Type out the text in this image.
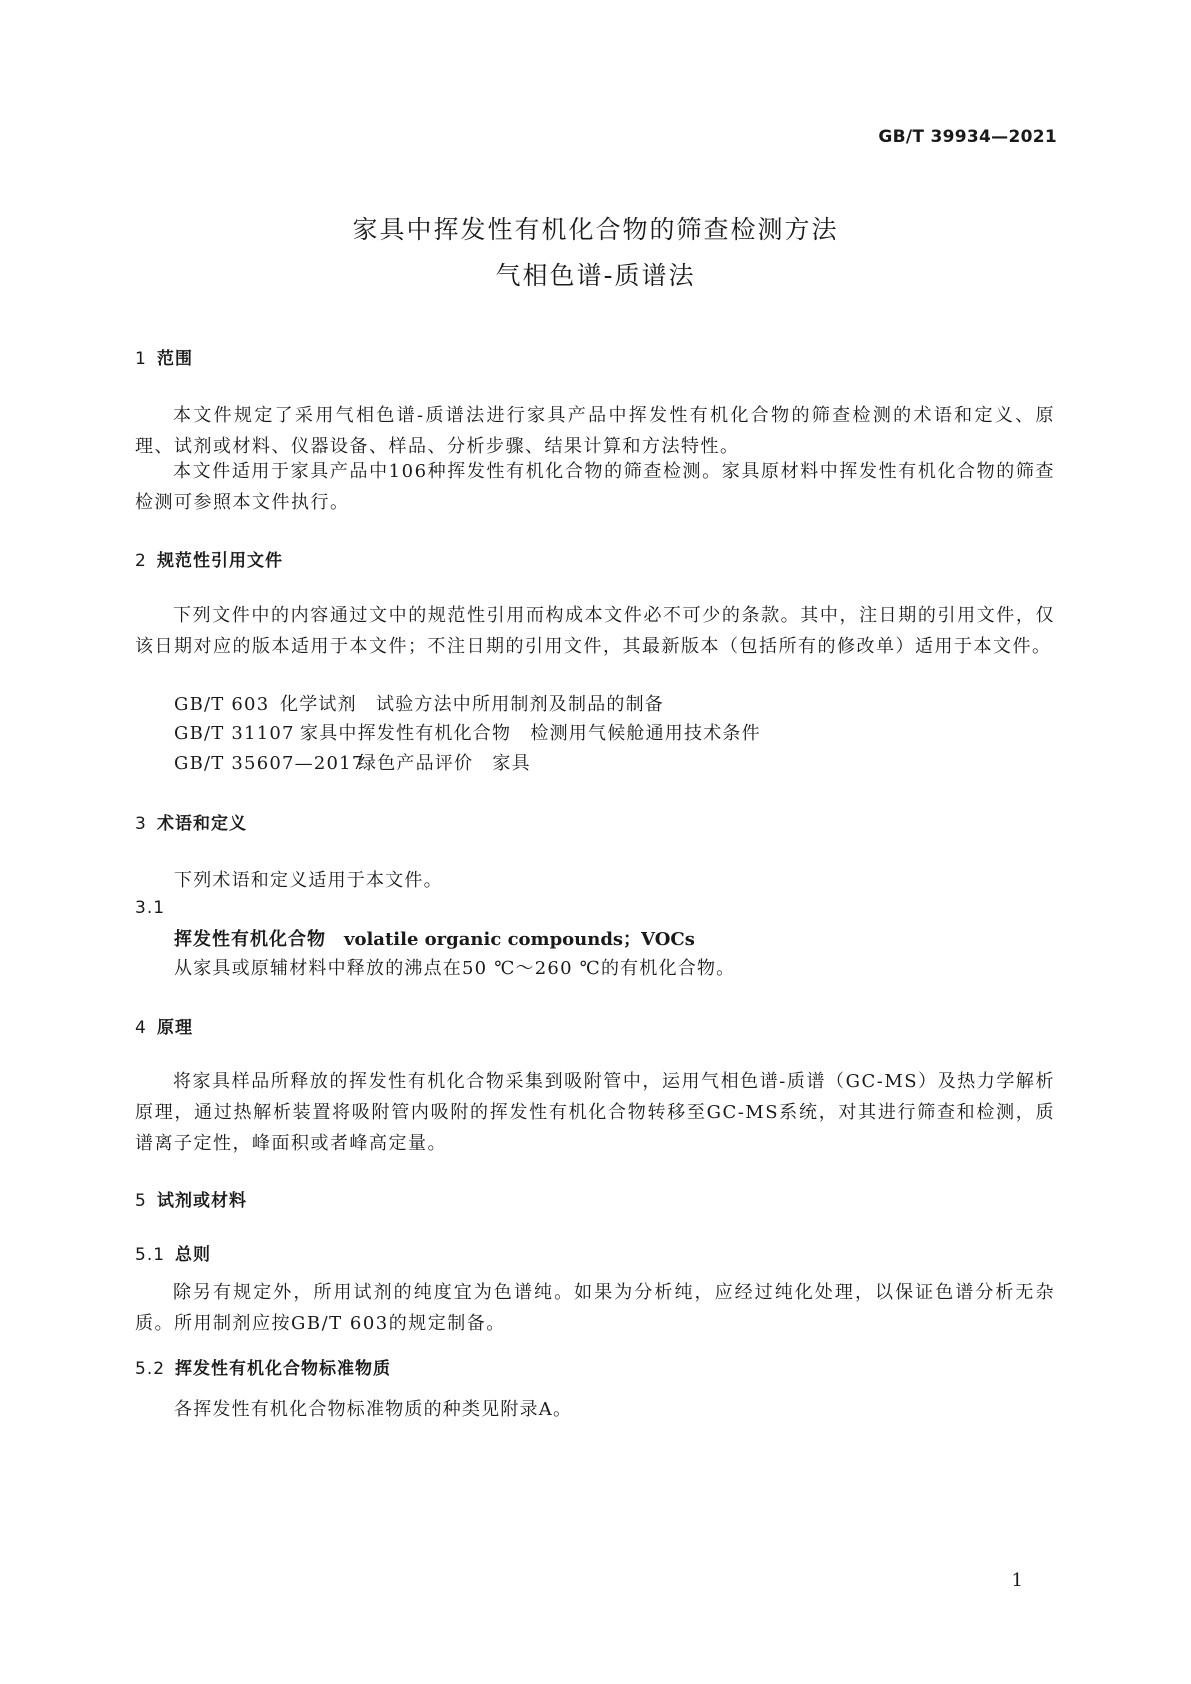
GB/T 39934—2021
家具中挥发性有机化合物的筛查检测方法
气相色谱-质谱法
1 范围
本文件规定了采用气相色谱-质谱法进行家具产品中挥发性有机化合物的筛查检测的术语和定义、原理、试剂或材料、仪器设备、样品、分析步骤、结果计算和方法特性。
本文件适用于家具产品中106种挥发性有机化合物的筛查检测。家具原材料中挥发性有机化合物的筛查检测可参照本文件执行。
2 规范性引用文件
下列文件中的内容通过文中的规范性引用而构成本文件必不可少的条款。其中，注日期的引用文件，仅该日期对应的版本适用于本文件；不注日期的引用文件，其最新版本（包括所有的修改单）适用于本文件。
GB/T 603 化学试剂　试验方法中所用制剂及制品的制备
GB/T 31107 家具中挥发性有机化合物　检测用气候舱通用技术条件
GB/T 35607—2017绿色产品评价　家具
3 术语和定义
下列术语和定义适用于本文件。
3.1
挥发性有机化合物 volatile organic compounds；VOCs
从家具或原辅材料中释放的沸点在50 ℃～260 ℃的有机化合物。
4 原理
将家具样品所释放的挥发性有机化合物采集到吸附管中，运用气相色谱-质谱（GC-MS）及热力学解析原理，通过热解析装置将吸附管内吸附的挥发性有机化合物转移至GC-MS系统，对其进行筛查和检测，质谱离子定性，峰面积或者峰高定量。
5 试剂或材料
5.1 总则
除另有规定外，所用试剂的纯度宜为色谱纯。如果为分析纯，应经过纯化处理，以保证色谱分析无杂质。所用制剂应按GB/T 603的规定制备。
5.2 挥发性有机化合物标准物质
各挥发性有机化合物标准物质的种类见附录A。
1
